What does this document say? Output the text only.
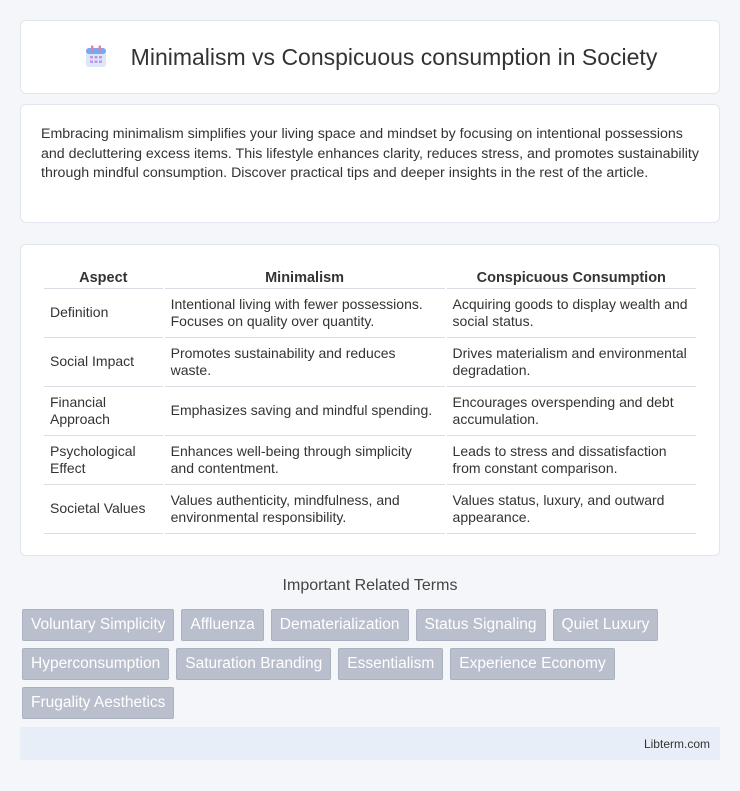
Minimalism vs Conspicuous consumption in Society

Embracing minimalism simplifies your living space and mindset by focusing on intentional possessions and decluttering excess items. This lifestyle enhances clarity, reduces stress, and promotes sustainability through mindful consumption. Discover practical tips and deeper insights in the rest of the article.

Aspect	Minimalism	Conspicuous Consumption
Definition	Intentional living with fewer possessions. Focuses on quality over quantity.	Acquiring goods to display wealth and social status.
Social Impact	Promotes sustainability and reduces waste.	Drives materialism and environmental degradation.
Financial Approach	Emphasizes saving and mindful spending.	Encourages overspending and debt accumulation.
Psychological Effect	Enhances well-being through simplicity and contentment.	Leads to stress and dissatisfaction from constant comparison.
Societal Values	Values authenticity, mindfulness, and environmental responsibility.	Values status, luxury, and outward appearance.
Important Related Terms
Voluntary Simplicity	Affluenza	Dematerialization	Status Signaling	Quiet Luxury
Hyperconsumption	Saturation Branding	Essentialism	Experience Economy
Frugality Aesthetics
Libterm.com
